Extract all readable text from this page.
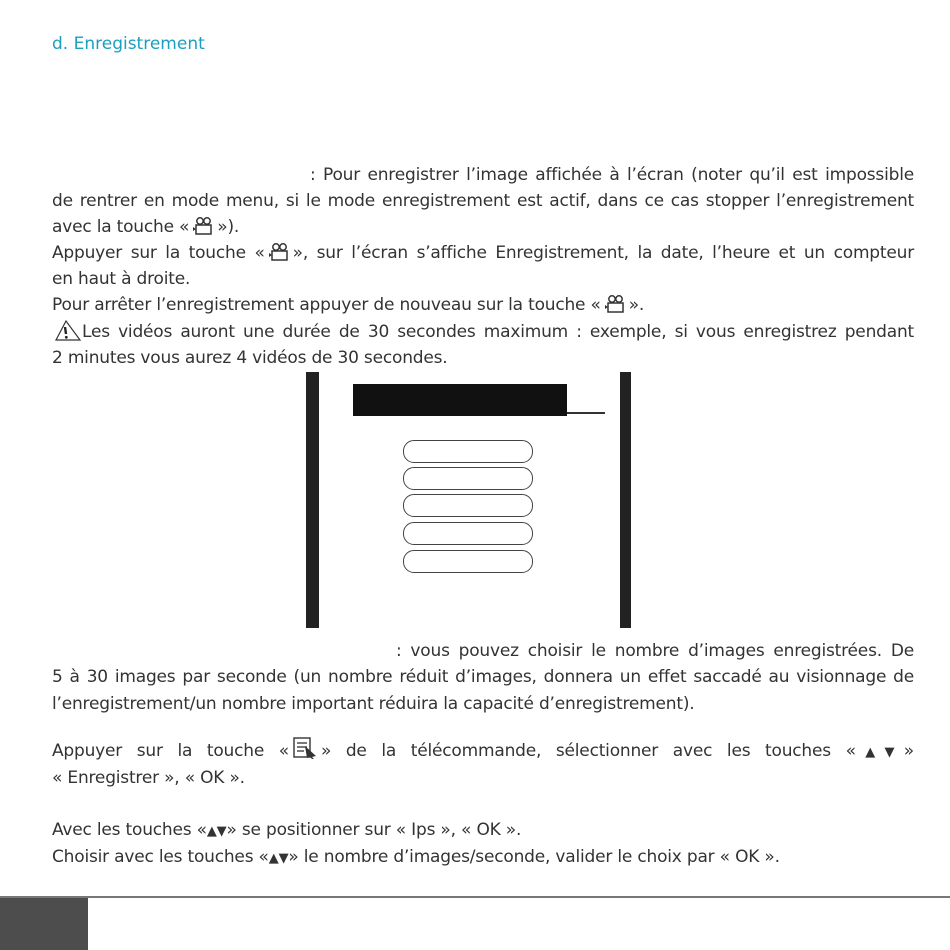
d. Enregistrement

: Pour enregistrer l’image affichée à l’écran (noter qu’il est impossible

de rentrer en mode menu, si le mode enregistrement est actif, dans ce cas stopper l’enregistrement

avec la touche « »).

Appuyer sur la touche « », sur l’écran s’affiche Enregistrement, la date, l’heure et un compteur

en haut à droite.

Pour arrêter l’enregistrement appuyer de nouveau sur la touche « ».

Les vidéos auront une durée de 30 secondes maximum : exemple, si vous enregistrez pendant

2 minutes vous aurez 4 vidéos de 30 secondes.

: vous pouvez choisir le nombre d’images enregistrées. De

5 à 30 images par seconde (un nombre réduit d’images, donnera un effet saccadé au visionnage de

l’enregistrement/un nombre important réduira la capacité d’enregistrement).

Appuyer sur la touche « » de la télécommande, sélectionner avec les touches «▲▼»

« Enregistrer », « OK ».

Avec les touches «▲▼» se positionner sur « Ips », « OK ».

Choisir avec les touches «▲▼» le nombre d’images/seconde, valider le choix par « OK ».
